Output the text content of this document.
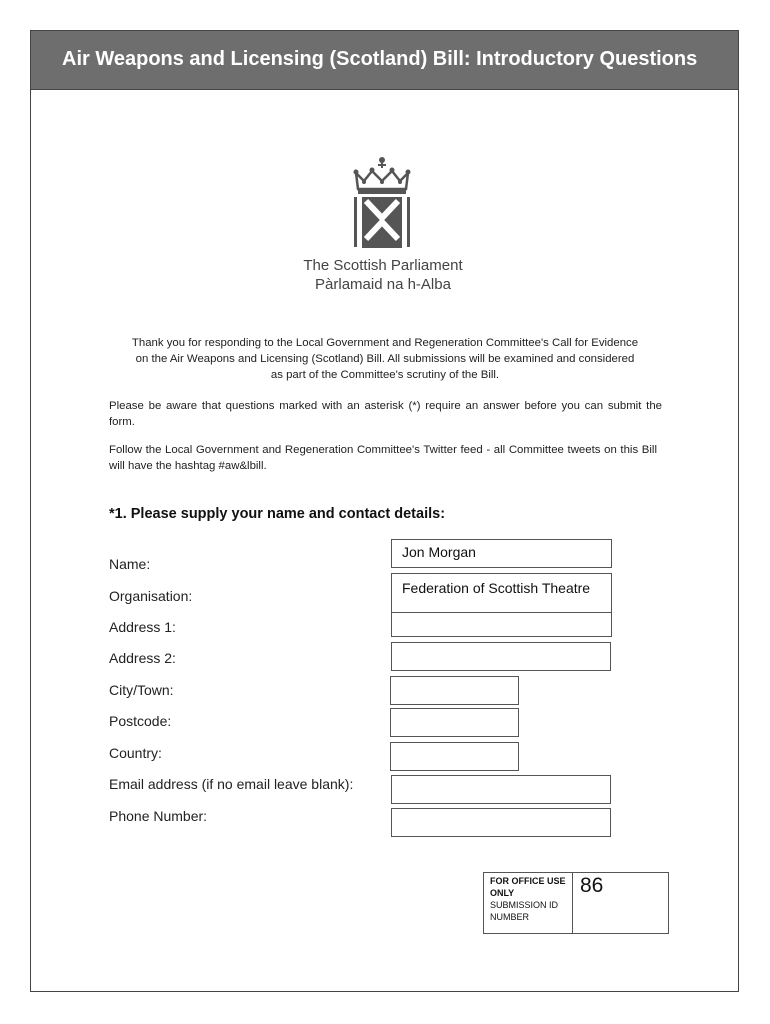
Air Weapons and Licensing (Scotland) Bill: Introductory Questions
The Scottish Parliament
Pàrlamaid na h-Alba
Thank you for responding to the Local Government and Regeneration Committee's Call for Evidence
on the Air Weapons and Licensing (Scotland) Bill. All submissions will be examined and considered
as part of the Committee's scrutiny of the Bill.
Please be aware that questions marked with an asterisk (*) require an answer before you can submit the form.
Follow the Local Government and Regeneration Committee's Twitter feed - all Committee tweets on this Bill will have the hashtag #aw&lbill.
*1. Please supply your name and contact details:
Name:
Jon Morgan
Organisation:	Federation of Scottish Theatre
Address 1:
Address 2:
City/Town:
Postcode:
Country:
Email address (if no email leave blank):
Phone Number:
FOR OFFICE USE
ONLY
SUBMISSION ID
NUMBER
86
